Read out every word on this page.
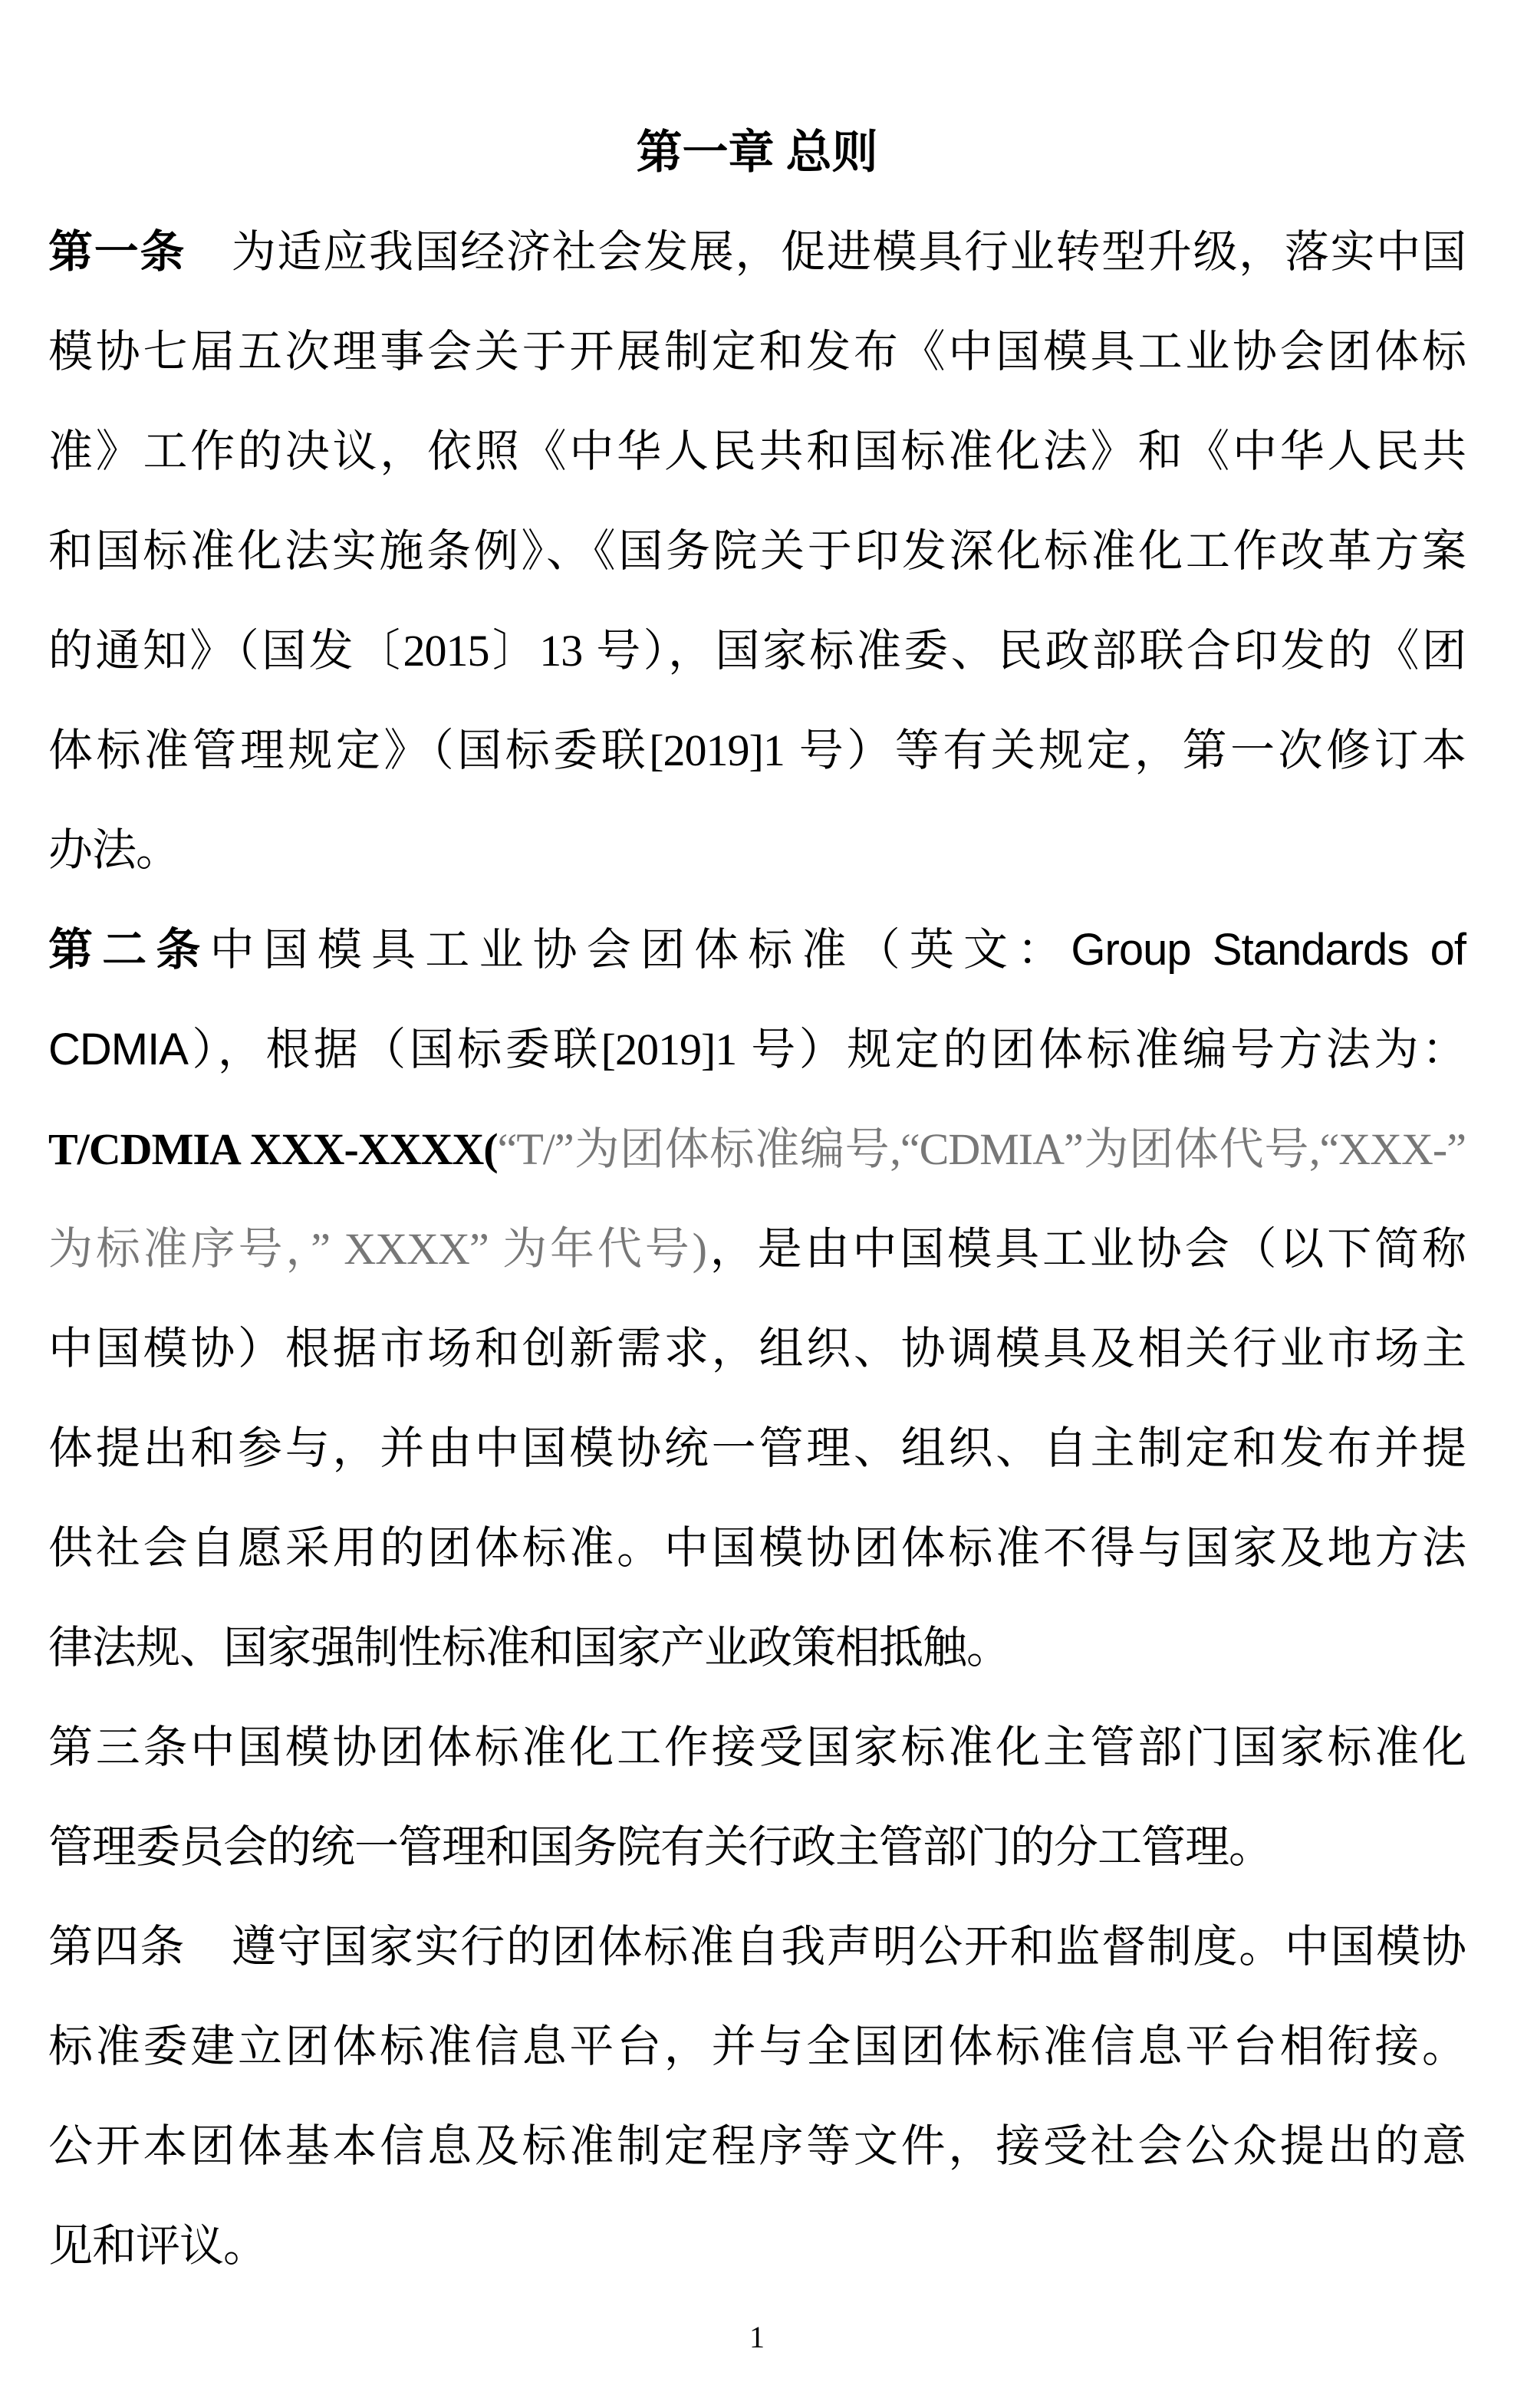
第一章 总则
第一条　为适应我国经济社会发展，促进模具行业转型升级，落实中国
模协七届五次理事会关于开展制定和发布《中国模具工业协会团体标
准》工作的决议，依照《中华人民共和国标准化法》和《中华人民共
和国标准化法实施条例》、《国务院关于印发深化标准化工作改革方案
的通知》（国发〔2015〕13 号），国家标准委、民政部联合印发的《团
体标准管理规定》（国标委联[2019]1 号）等有关规定，第一次修订本
办法。
第二条中国模具工业协会团体标准（英文：Group Standards of
CDMIA），根据（国标委联[2019]1 号）规定的团体标准编号方法为：
T/CDMIA XXX-XXXX(“T/”为团体标准编号,“CDMIA”为团体代号,“XXX-”
为标准序号，” XXXX” 为年代号)，是由中国模具工业协会（以下简称
中国模协）根据市场和创新需求，组织、协调模具及相关行业市场主
体提出和参与，并由中国模协统一管理、组织、自主制定和发布并提
供社会自愿采用的团体标准。中国模协团体标准不得与国家及地方法
律法规、国家强制性标准和国家产业政策相抵触。
第三条中国模协团体标准化工作接受国家标准化主管部门国家标准化
管理委员会的统一管理和国务院有关行政主管部门的分工管理。
第四条　遵守国家实行的团体标准自我声明公开和监督制度。中国模协
标准委建立团体标准信息平台，并与全国团体标准信息平台相衔接。
公开本团体基本信息及标准制定程序等文件，接受社会公众提出的意
见和评议。
1
